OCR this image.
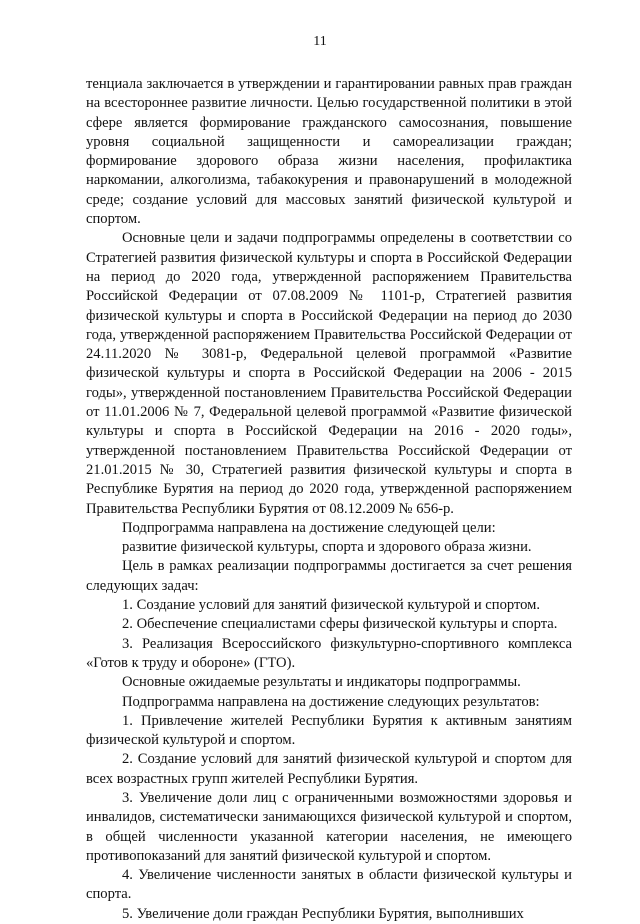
11

тенциала заключается в утверждении и гарантировании равных прав граждан на всестороннее развитие личности. Целью государственной политики в этой сфере является формирование гражданского самосознания, повышение уровня социальной защищенности и самореализации граждан; формирование здорового образа жизни населения, профилактика наркомании, алкоголизма, табакокурения и правонарушений в молодежной среде; создание условий для массовых занятий физической культурой и спортом.

Основные цели и задачи подпрограммы определены в соответствии со Стратегией развития физической культуры и спорта в Российской Федерации на период до 2020 года, утвержденной распоряжением Правительства Российской Федерации от 07.08.2009 № 1101-р, Стратегией развития физической культуры и спорта в Российской Федерации на период до 2030 года, утвержденной распоряжением Правительства Российской Федерации от 24.11.2020 № 3081-р, Федеральной целевой программой «Развитие физической культуры и спорта в Российской Федерации на 2006 - 2015 годы», утвержденной постановлением Правительства Российской Федерации от 11.01.2006 № 7, Федеральной целевой программой «Развитие физической культуры и спорта в Российской Федерации на 2016 - 2020 годы», утвержденной постановлением Правительства Российской Федерации от 21.01.2015 № 30, Стратегией развития физической культуры и спорта в Республике Бурятия на период до 2020 года, утвержденной распоряжением Правительства Республики Бурятия от 08.12.2009 № 656-р.

Подпрограмма направлена на достижение следующей цели:

развитие физической культуры, спорта и здорового образа жизни.

Цель в рамках реализации подпрограммы достигается за счет решения следующих задач:

1. Создание условий для занятий физической культурой и спортом.

2. Обеспечение специалистами сферы физической культуры и спорта.

3. Реализация Всероссийского физкультурно-спортивного комплекса «Готов к труду и обороне» (ГТО).

Основные ожидаемые результаты и индикаторы подпрограммы.

Подпрограмма направлена на достижение следующих результатов:

1. Привлечение жителей Республики Бурятия к активным занятиям физической культурой и спортом.

2. Создание условий для занятий физической культурой и спортом для всех возрастных групп жителей Республики Бурятия.

3. Увеличение доли лиц с ограниченными возможностями здоровья и инвалидов, систематически занимающихся физической культурой и спортом, в общей численности указанной категории населения, не имеющего противопоказаний для занятий физической культурой и спортом.

4. Увеличение численности занятых в области физической культуры и спорта.

5. Увеличение доли граждан Республики Бурятия, выполнивших
